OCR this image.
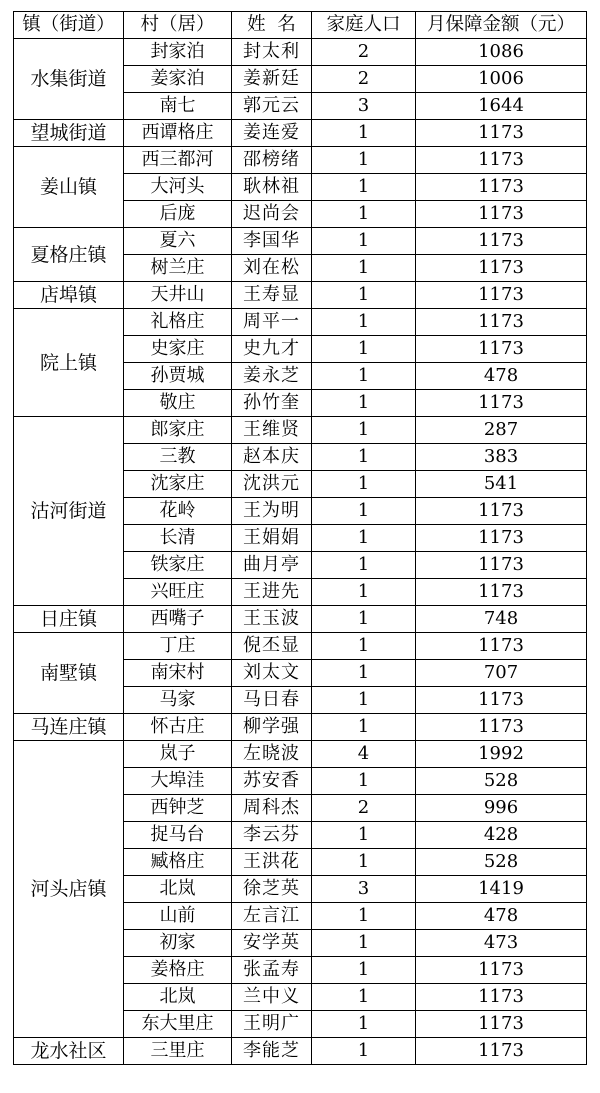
镇（街道）	村（居）	姓  名	家庭人口	月保障金额（元）
水集街道	封家泊	封太利	2	1086
	姜家泊	姜新廷	2	1006
	南七	郭元云	3	1644
望城街道	西谭格庄	姜连爱	1	1173
姜山镇	西三都河	邵榜绪	1	1173
	大河头	耿林祖	1	1173
	后庞	迟尚会	1	1173
夏格庄镇	夏六	李国华	1	1173
	树兰庄	刘在松	1	1173
店埠镇	天井山	王寿显	1	1173
院上镇	礼格庄	周平一	1	1173
	史家庄	史九才	1	1173
	孙贾城	姜永芝	1	478
	敬庄	孙竹奎	1	1173
沽河街道	郎家庄	王维贤	1	287
	三教	赵本庆	1	383
	沈家庄	沈洪元	1	541
	花岭	王为明	1	1173
	长清	王娟娟	1	1173
	铁家庄	曲月亭	1	1173
	兴旺庄	王进先	1	1173
日庄镇	西嘴子	王玉波	1	748
南墅镇	丁庄	倪丕显	1	1173
	南宋村	刘太文	1	707
	马家	马日春	1	1173
马连庄镇	怀古庄	柳学强	1	1173
河头店镇	岚子	左晓波	4	1992
	大埠洼	苏安香	1	528
	西钟芝	周科杰	2	996
	捉马台	李云芬	1	428
	臧格庄	王洪花	1	528
	北岚	徐芝英	3	1419
	山前	左言江	1	478
	初家	安学英	1	473
	姜格庄	张孟寿	1	1173
	北岚	兰中义	1	1173
	东大里庄	王明广	1	1173
龙水社区	三里庄	李能芝	1	1173
